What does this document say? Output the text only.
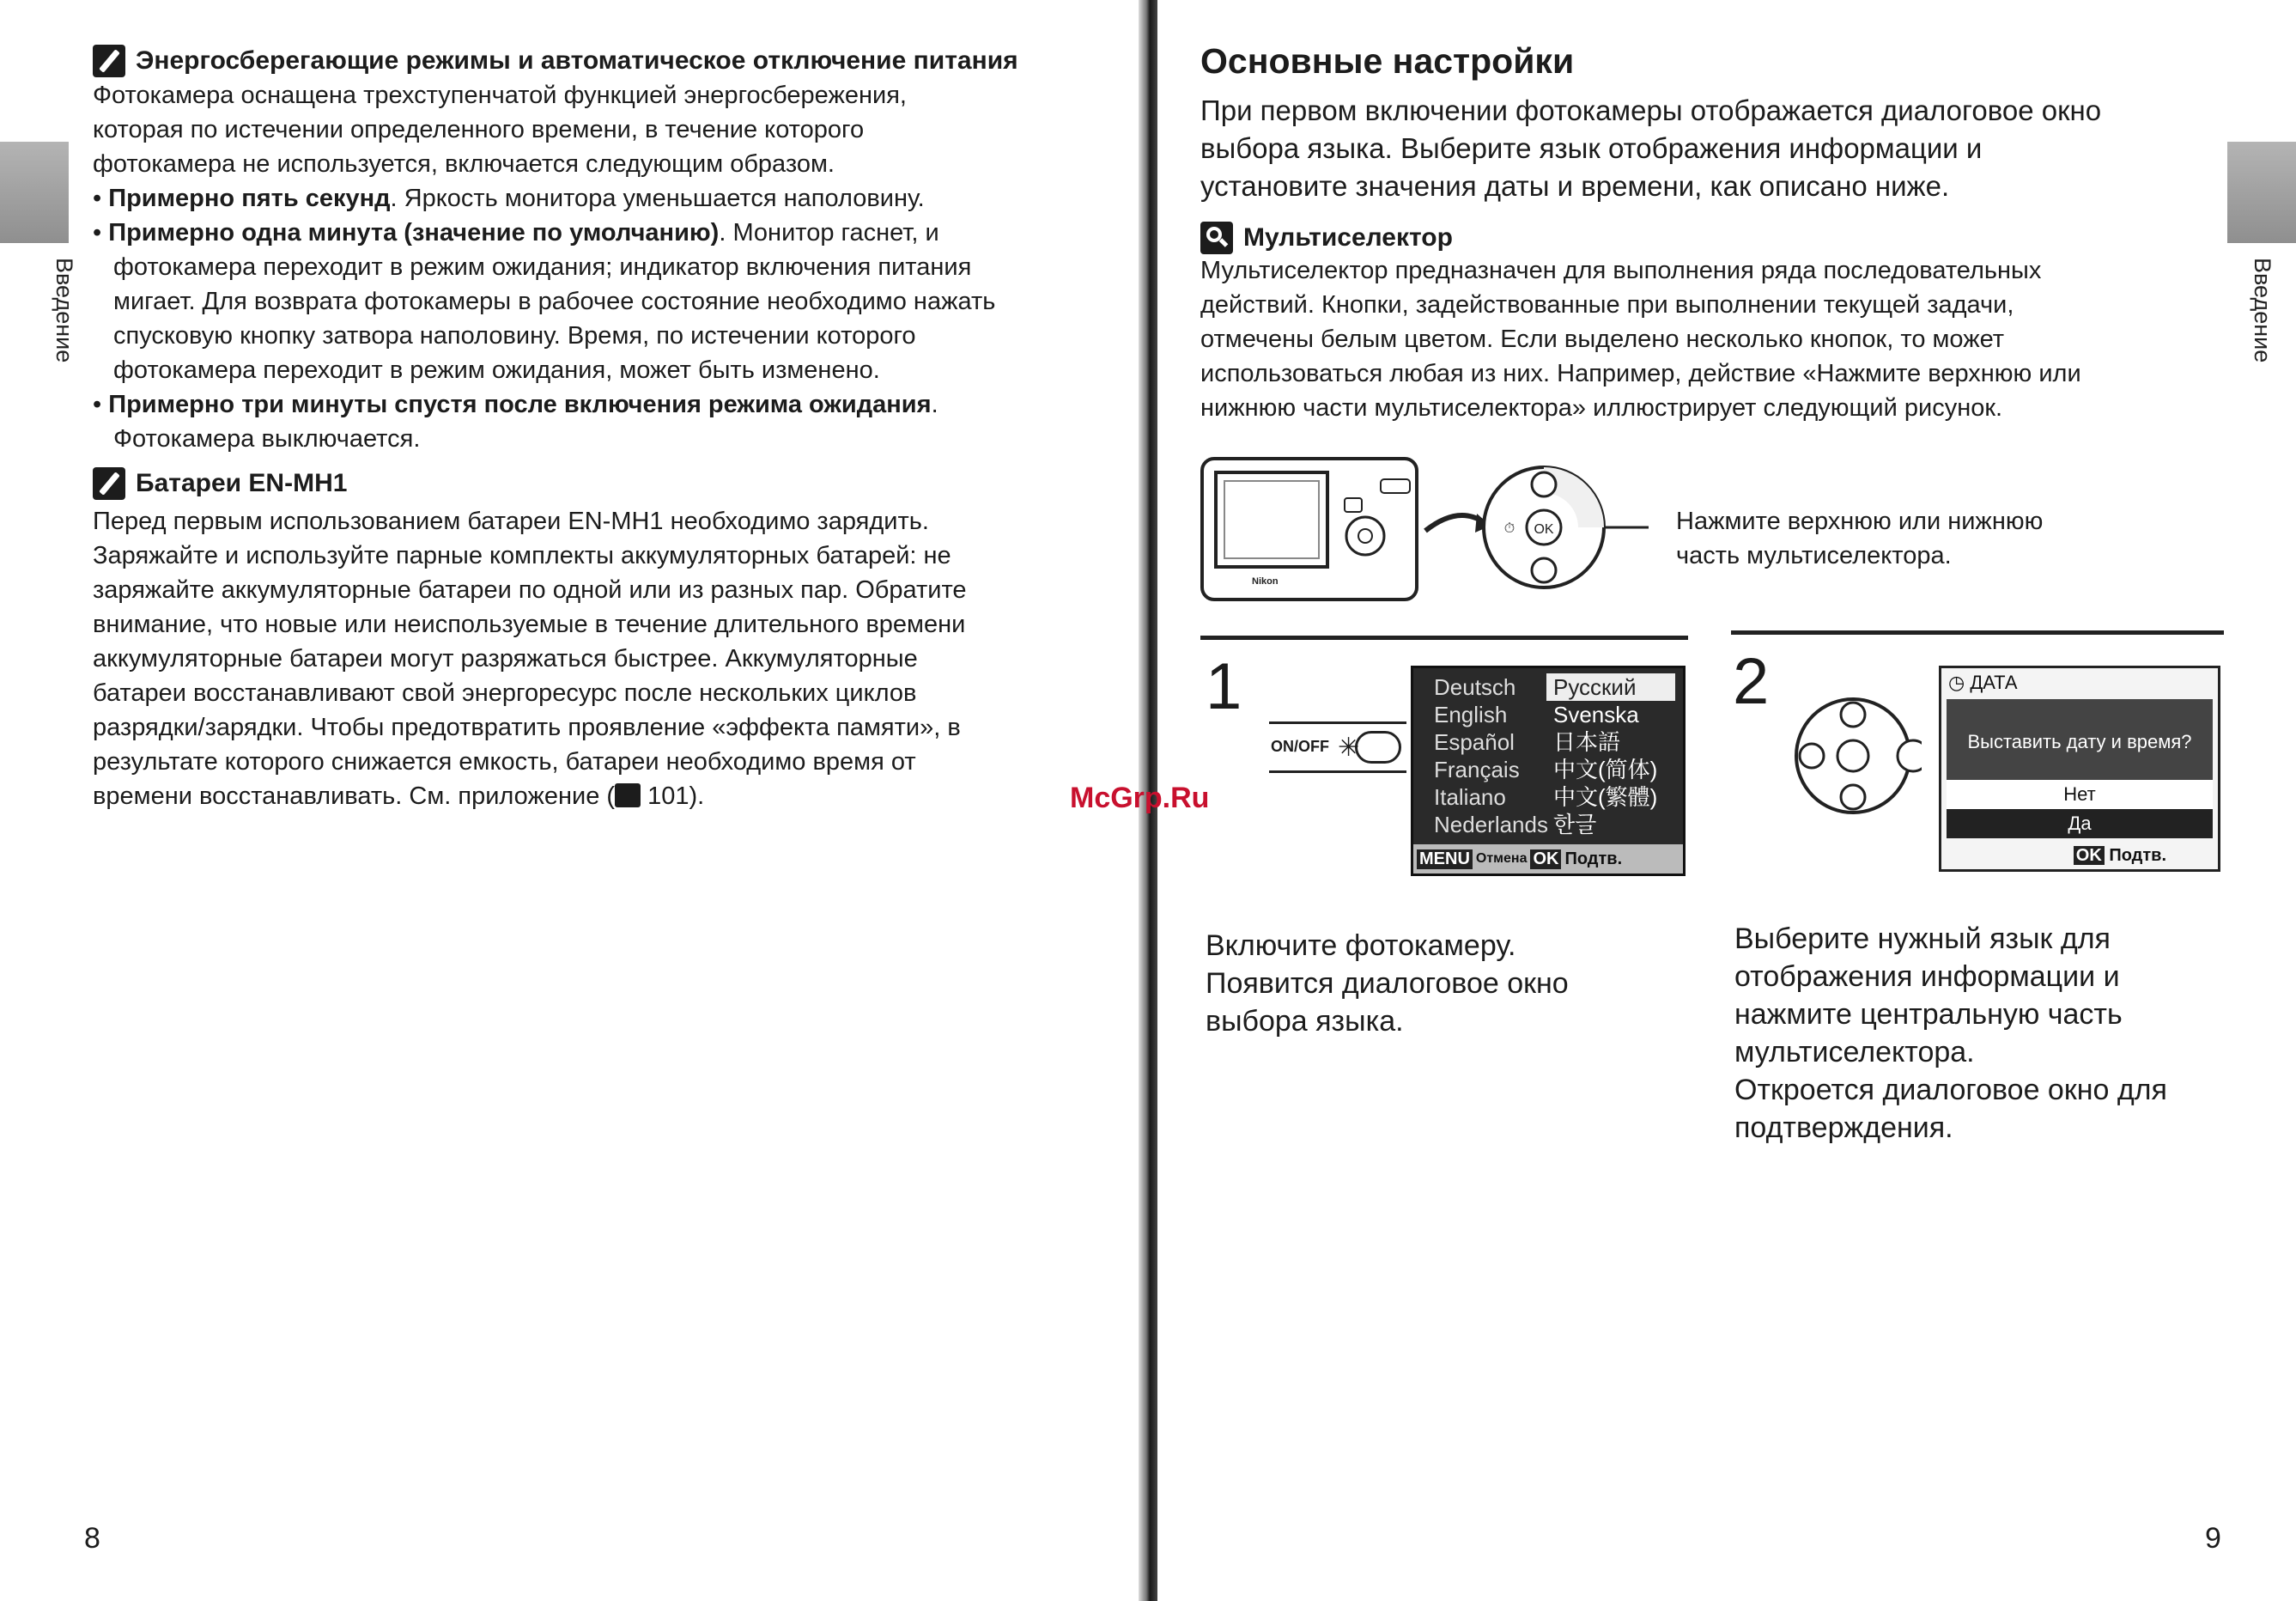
Введение
Энергосберегающие режимы и автоматическое отключение питания
Фотокамера оснащена трехступенчатой функцией энергосбережения,
которая по истечении определенного времени, в течение которого
фотокамера не используется, включается следующим образом.
• Примерно пять секунд. Яркость монитора уменьшается наполовину.
• Примерно одна минута (значение по умолчанию). Монитор гаснет, и
фотокамера переходит в режим ожидания; индикатор включения питания
мигает. Для возврата фотокамеры в рабочее состояние необходимо нажать
спусковую кнопку затвора наполовину. Время, по истечении которого
фотокамера переходит в режим ожидания, может быть изменено.
• Примерно три минуты спустя после включения режима ожидания.
Фотокамера выключается.
Батареи EN-MH1
Перед первым использованием батареи EN-MH1 необходимо зарядить.
Заряжайте и используйте парные комплекты аккумуляторных батарей: не
заряжайте аккумуляторные батареи по одной или из разных пар. Обратите
внимание, что новые или неиспользуемые в течение длительного времени
аккумуляторные батареи могут разряжаться быстрее. Аккумуляторные
батареи восстанавливают свой энергоресурс после нескольких циклов
разрядки/зарядки. Чтобы предотвратить проявление «эффекта памяти», в
результате которого снижается емкость, батареи необходимо время от
времени восстанавливать. См. приложение ( 101).
8
Введение
Основные настройки
При первом включении фотокамеры отображается диалоговое окно
выбора языка. Выберите язык отображения информации и
установите значения даты и времени, как описано ниже.
Мультиселектор
Мультиселектор предназначен для выполнения ряда последовательных
действий. Кнопки, задействованные при выполнении текущей задачи,
отмечены белым цветом. Если выделено несколько кнопок, то может
использоваться любая из них. Например, действие «Нажмите верхнюю или
нижнюю части мультиселектора» иллюстрирует следующий рисунок.
Nikon
OK
⏱	Нажмите верхнюю или нижнюю
часть мультиселектора.
1
ON/OFF ✳
Deutsch
English
Español
Français
Italiano
Nederlands
Русский
Svenska
日本語
中文(简体)
中文(繁體)
한글
MENU Отмена OK Подтв.
Включите фотокамеру.
Появится диалоговое окно
выбора языка.
2	◷ ДАТА
Выставить дату и время?
Нет
Да
OK Подтв.
Выберите нужный язык для
отображения информации и
нажмите центральную часть
мультиселектора.
Откроется диалоговое окно для
подтверждения.
9
McGrp.Ru
